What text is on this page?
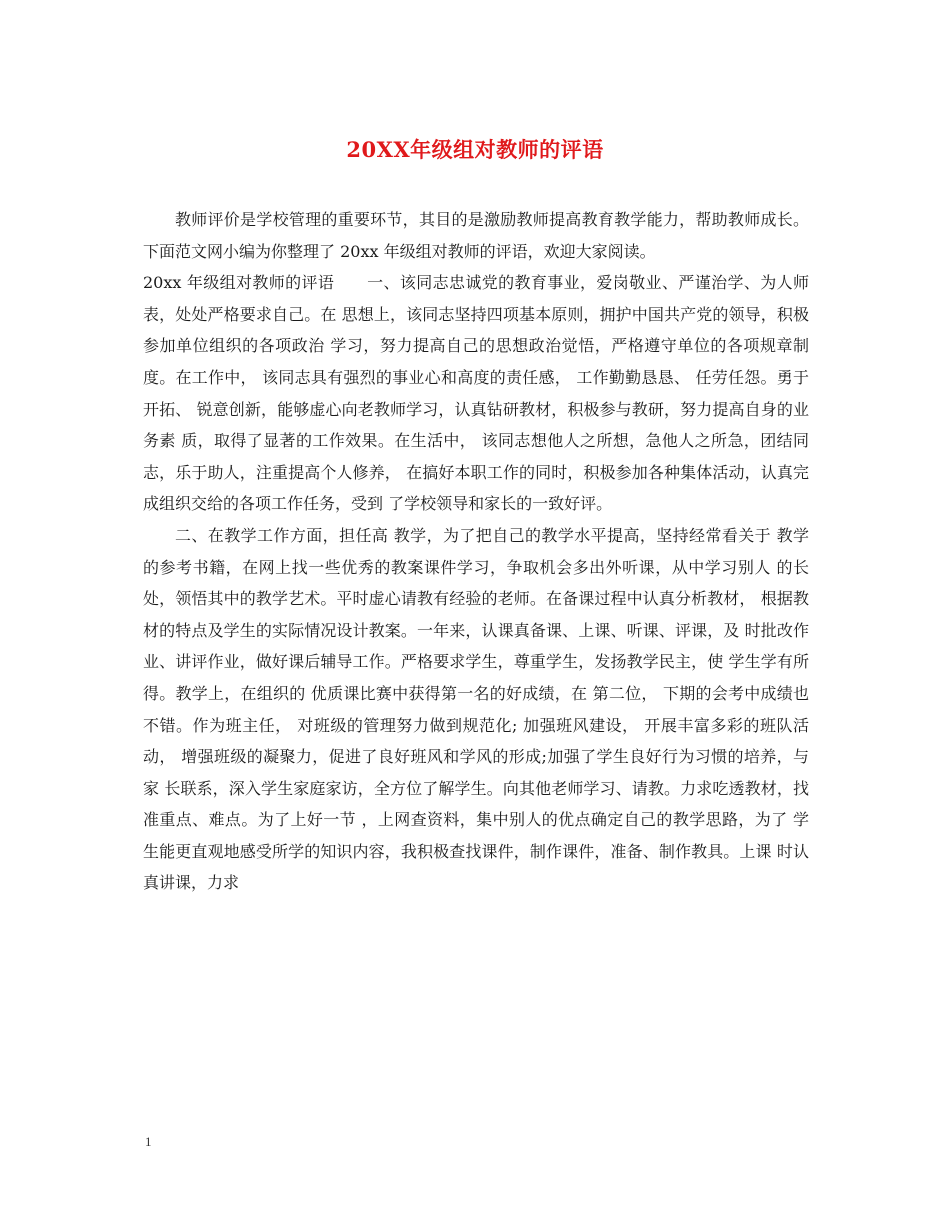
20XX年级组对教师的评语

教师评价是学校管理的重要环节，其目的是激励教师提高教育教学能力，帮助教师成长。下面范文网小编为你整理了 20xx 年级组对教师的评语，欢迎大家阅读。

20xx 年级组对教师的评语　　一、该同志忠诚党的教育事业，爱岗敬业、严谨治学、为人师表，处处严格要求自己。在 思想上，该同志坚持四项基本原则，拥护中国共产党的领导，积极参加单位组织的各项政治 学习，努力提高自己的思想政治觉悟，严格遵守单位的各项规章制度。在工作中， 该同志具有强烈的事业心和高度的责任感， 工作勤勤恳恳、 任劳任怨。勇于开拓、 锐意创新，能够虚心向老教师学习，认真钻研教材，积极参与教研，努力提高自身的业务素 质，取得了显著的工作效果。在生活中， 该同志想他人之所想，急他人之所急，团结同志，乐于助人，注重提高个人修养， 在搞好本职工作的同时，积极参加各种集体活动，认真完成组织交给的各项工作任务，受到 了学校领导和家长的一致好评。

二、在教学工作方面，担任高 教学，为了把自己的教学水平提高，坚持经常看关于 教学的参考书籍，在网上找一些优秀的教案课件学习，争取机会多出外听课，从中学习别人 的长处，领悟其中的教学艺术。平时虚心请教有经验的老师。在备课过程中认真分析教材， 根据教材的特点及学生的实际情况设计教案。一年来，认课真备课、上课、听课、评课，及 时批改作业、讲评作业，做好课后辅导工作。严格要求学生，尊重学生，发扬教学民主，使 学生学有所得。教学上，在组织的 优质课比赛中获得第一名的好成绩，在 第二位， 下期的会考中成绩也不错。作为班主任， 对班级的管理努力做到规范化; 加强班风建设， 开展丰富多彩的班队活动， 增强班级的凝聚力，促进了良好班风和学风的形成;加强了学生良好行为习惯的培养，与家 长联系，深入学生家庭家访，全方位了解学生。向其他老师学习、请教。力求吃透教材，找 准重点、难点。为了上好一节 ，上网查资料，集中别人的优点确定自己的教学思路，为了 学生能更直观地感受所学的知识内容，我积极查找课件，制作课件，准备、制作教具。上课 时认真讲课，力求

1
